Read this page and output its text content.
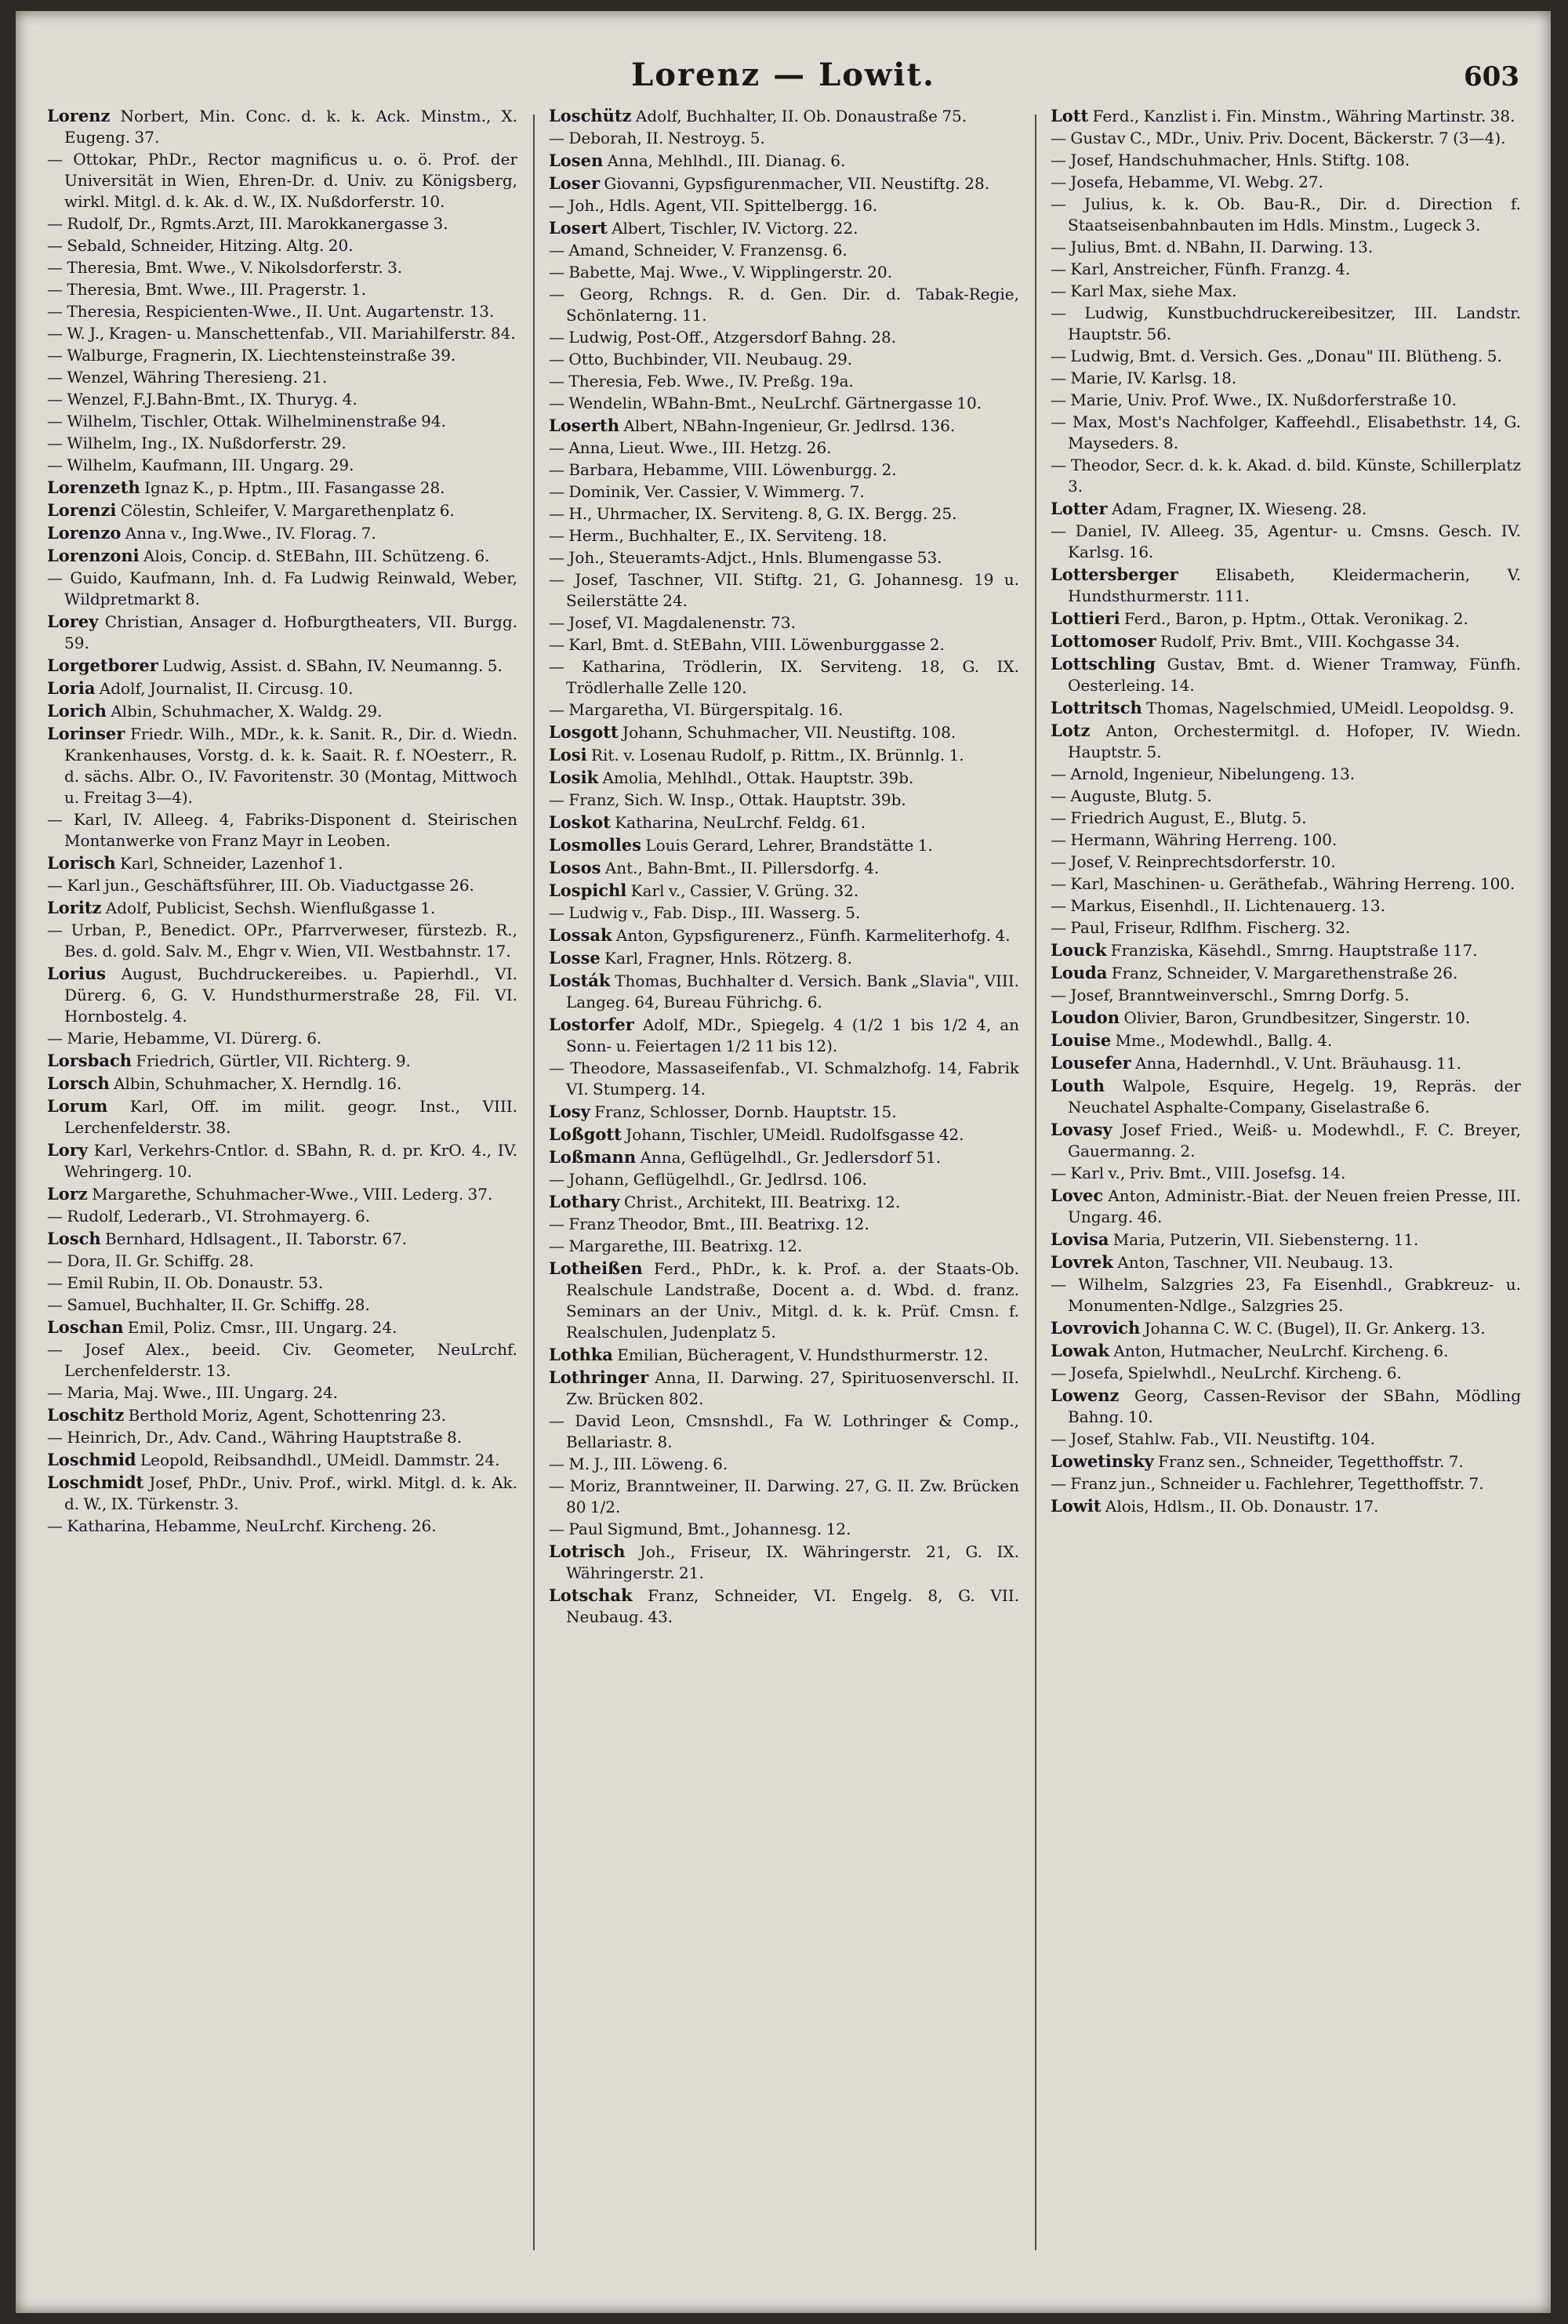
Lorenz — Lowit.	603

Lorenz Norbert, Min. Conc. d. k. k. Ack. Minstm., X. Eugeng. 37.

— Ottokar, PhDr., Rector magnificus u. o. ö. Prof. der Universität in Wien, Ehren-Dr. d. Univ. zu Königsberg, wirkl. Mitgl. d. k. Ak. d. W., IX. Nußdorferstr. 10.

— Rudolf, Dr., Rgmts.Arzt, III. Marokkanergasse 3.

— Sebald, Schneider, Hitzing. Altg. 20.

— Theresia, Bmt. Wwe., V. Nikolsdorferstr. 3.

— Theresia, Bmt. Wwe., III. Pragerstr. 1.

— Theresia, Respicienten-Wwe., II. Unt. Augartenstr. 13.

— W. J., Kragen- u. Manschettenfab., VII. Mariahilferstr. 84.

— Walburge, Fragnerin, IX. Liechtensteinstraße 39.

— Wenzel, Währing Theresieng. 21.

— Wenzel, F.J.Bahn-Bmt., IX. Thuryg. 4.

— Wilhelm, Tischler, Ottak. Wilhelminenstraße 94.

— Wilhelm, Ing., IX. Nußdorferstr. 29.

— Wilhelm, Kaufmann, III. Ungarg. 29.

Lorenzeth Ignaz K., p. Hptm., III. Fasangasse 28.

Lorenzi Cölestin, Schleifer, V. Margarethenplatz 6.

Lorenzo Anna v., Ing.Wwe., IV. Florag. 7.

Lorenzoni Alois, Concip. d. StEBahn, III. Schützeng. 6.

— Guido, Kaufmann, Inh. d. Fa Ludwig Reinwald, Weber, Wildpretmarkt 8.

Lorey Christian, Ansager d. Hofburgtheaters, VII. Burgg. 59.

Lorgetborer Ludwig, Assist. d. SBahn, IV. Neumanng. 5.

Loria Adolf, Journalist, II. Circusg. 10.

Lorich Albin, Schuhmacher, X. Waldg. 29.

Lorinser Friedr. Wilh., MDr., k. k. Sanit. R., Dir. d. Wiedn. Krankenhauses, Vorstg. d. k. k. Saait. R. f. NOesterr., R. d. sächs. Albr. O., IV. Favoritenstr. 30 (Montag, Mittwoch u. Freitag 3—4).

— Karl, IV. Alleeg. 4, Fabriks-Disponent d. Steirischen Montanwerke von Franz Mayr in Leoben.

Lorisch Karl, Schneider, Lazenhof 1.

— Karl jun., Geschäftsführer, III. Ob. Viaductgasse 26.

Loritz Adolf, Publicist, Sechsh. Wienflußgasse 1.

— Urban, P., Benedict. OPr., Pfarrverweser, fürstezb. R., Bes. d. gold. Salv. M., Ehgr v. Wien, VII. Westbahnstr. 17.

Lorius August, Buchdruckereibes. u. Papierhdl., VI. Dürerg. 6, G. V. Hundsthurmerstraße 28, Fil. VI. Hornbostelg. 4.

— Marie, Hebamme, VI. Dürerg. 6.

Lorsbach Friedrich, Gürtler, VII. Richterg. 9.

Lorsch Albin, Schuhmacher, X. Herndlg. 16.

Lorum Karl, Off. im milit. geogr. Inst., VIII. Lerchenfelderstr. 38.

Lory Karl, Verkehrs-Cntlor. d. SBahn, R. d. pr. KrO. 4., IV. Wehringerg. 10.

Lorz Margarethe, Schuhmacher-Wwe., VIII. Lederg. 37.

— Rudolf, Lederarb., VI. Strohmayerg. 6.

Losch Bernhard, Hdlsagent., II. Taborstr. 67.

— Dora, II. Gr. Schiffg. 28.

— Emil Rubin, II. Ob. Donaustr. 53.

— Samuel, Buchhalter, II. Gr. Schiffg. 28.

Loschan Emil, Poliz. Cmsr., III. Ungarg. 24.

— Josef Alex., beeid. Civ. Geometer, NeuLrchf. Lerchenfelderstr. 13.

— Maria, Maj. Wwe., III. Ungarg. 24.

Loschitz Berthold Moriz, Agent, Schottenring 23.

— Heinrich, Dr., Adv. Cand., Währing Hauptstraße 8.

Loschmid Leopold, Reibsandhdl., UMeidl. Dammstr. 24.

Loschmidt Josef, PhDr., Univ. Prof., wirkl. Mitgl. d. k. Ak. d. W., IX. Türkenstr. 3.

— Katharina, Hebamme, NeuLrchf. Kircheng. 26.

Loschütz Adolf, Buchhalter, II. Ob. Donaustraße 75.

— Deborah, II. Nestroyg. 5.

Losen Anna, Mehlhdl., III. Dianag. 6.

Loser Giovanni, Gypsfigurenmacher, VII. Neustiftg. 28.

— Joh., Hdls. Agent, VII. Spittelbergg. 16.

Losert Albert, Tischler, IV. Victorg. 22.

— Amand, Schneider, V. Franzensg. 6.

— Babette, Maj. Wwe., V. Wipplingerstr. 20.

— Georg, Rchngs. R. d. Gen. Dir. d. Tabak-Regie, Schönlaterng. 11.

— Ludwig, Post-Off., Atzgersdorf Bahng. 28.

— Otto, Buchbinder, VII. Neubaug. 29.

— Theresia, Feb. Wwe., IV. Preßg. 19a.

— Wendelin, WBahn-Bmt., NeuLrchf. Gärtnergasse 10.

Loserth Albert, NBahn-Ingenieur, Gr. Jedlrsd. 136.

— Anna, Lieut. Wwe., III. Hetzg. 26.

— Barbara, Hebamme, VIII. Löwenburgg. 2.

— Dominik, Ver. Cassier, V. Wimmerg. 7.

— H., Uhrmacher, IX. Serviteng. 8, G. IX. Bergg. 25.

— Herm., Buchhalter, E., IX. Serviteng. 18.

— Joh., Steueramts-Adjct., Hnls. Blumengasse 53.

— Josef, Taschner, VII. Stiftg. 21, G. Johannesg. 19 u. Seilerstätte 24.

— Josef, VI. Magdalenenstr. 73.

— Karl, Bmt. d. StEBahn, VIII. Löwenburggasse 2.

— Katharina, Trödlerin, IX. Serviteng. 18, G. IX. Trödlerhalle Zelle 120.

— Margaretha, VI. Bürgerspitalg. 16.

Losgott Johann, Schuhmacher, VII. Neustiftg. 108.

Losi Rit. v. Losenau Rudolf, p. Rittm., IX. Brünnlg. 1.

Losik Amolia, Mehlhdl., Ottak. Hauptstr. 39b.

— Franz, Sich. W. Insp., Ottak. Hauptstr. 39b.

Loskot Katharina, NeuLrchf. Feldg. 61.

Losmolles Louis Gerard, Lehrer, Brandstätte 1.

Losos Ant., Bahn-Bmt., II. Pillersdorfg. 4.

Lospichl Karl v., Cassier, V. Grüng. 32.

— Ludwig v., Fab. Disp., III. Wasserg. 5.

Lossak Anton, Gypsfigurenerz., Fünfh. Karmeliterhofg. 4.

Losse Karl, Fragner, Hnls. Rötzerg. 8.

Losták Thomas, Buchhalter d. Versich. Bank „Slavia", VIII. Langeg. 64, Bureau Führichg. 6.

Lostorfer Adolf, MDr., Spiegelg. 4 (1/2 1 bis 1/2 4, an Sonn- u. Feiertagen 1/2 11 bis 12).

— Theodore, Massaseifenfab., VI. Schmalzhofg. 14, Fabrik VI. Stumperg. 14.

Losy Franz, Schlosser, Dornb. Hauptstr. 15.

Loßgott Johann, Tischler, UMeidl. Rudolfsgasse 42.

Loßmann Anna, Geflügelhdl., Gr. Jedlersdorf 51.

— Johann, Geflügelhdl., Gr. Jedlrsd. 106.

Lothary Christ., Architekt, III. Beatrixg. 12.

— Franz Theodor, Bmt., III. Beatrixg. 12.

— Margarethe, III. Beatrixg. 12.

Lotheißen Ferd., PhDr., k. k. Prof. a. der Staats-Ob. Realschule Landstraße, Docent a. d. Wbd. d. franz. Seminars an der Univ., Mitgl. d. k. k. Prüf. Cmsn. f. Realschulen, Judenplatz 5.

Lothka Emilian, Bücheragent, V. Hundsthurmerstr. 12.

Lothringer Anna, II. Darwing. 27, Spirituosenverschl. II. Zw. Brücken 802.

— David Leon, Cmsnshdl., Fa W. Lothringer & Comp., Bellariastr. 8.

— M. J., III. Löweng. 6.

— Moriz, Branntweiner, II. Darwing. 27, G. II. Zw. Brücken 80 1/2.

— Paul Sigmund, Bmt., Johannesg. 12.

Lotrisch Joh., Friseur, IX. Währingerstr. 21, G. IX. Währingerstr. 21.

Lotschak Franz, Schneider, VI. Engelg. 8, G. VII. Neubaug. 43.

Lott Ferd., Kanzlist i. Fin. Minstm., Währing Martinstr. 38.

— Gustav C., MDr., Univ. Priv. Docent, Bäckerstr. 7 (3—4).

— Josef, Handschuhmacher, Hnls. Stiftg. 108.

— Josefa, Hebamme, VI. Webg. 27.

— Julius, k. k. Ob. Bau-R., Dir. d. Direction f. Staatseisenbahnbauten im Hdls. Minstm., Lugeck 3.

— Julius, Bmt. d. NBahn, II. Darwing. 13.

— Karl, Anstreicher, Fünfh. Franzg. 4.

— Karl Max, siehe Max.

— Ludwig, Kunstbuchdruckereibesitzer, III. Landstr. Hauptstr. 56.

— Ludwig, Bmt. d. Versich. Ges. „Donau" III. Blütheng. 5.

— Marie, IV. Karlsg. 18.

— Marie, Univ. Prof. Wwe., IX. Nußdorferstraße 10.

— Max, Most's Nachfolger, Kaffeehdl., Elisabethstr. 14, G. Mayseders. 8.

— Theodor, Secr. d. k. k. Akad. d. bild. Künste, Schillerplatz 3.

Lotter Adam, Fragner, IX. Wieseng. 28.

— Daniel, IV. Alleeg. 35, Agentur- u. Cmsns. Gesch. IV. Karlsg. 16.

Lottersberger Elisabeth, Kleidermacherin, V. Hundsthurmerstr. 111.

Lottieri Ferd., Baron, p. Hptm., Ottak. Veronikag. 2.

Lottomoser Rudolf, Priv. Bmt., VIII. Kochgasse 34.

Lottschling Gustav, Bmt. d. Wiener Tramway, Fünfh. Oesterleing. 14.

Lottritsch Thomas, Nagelschmied, UMeidl. Leopoldsg. 9.

Lotz Anton, Orchestermitgl. d. Hofoper, IV. Wiedn. Hauptstr. 5.

— Arnold, Ingenieur, Nibelungeng. 13.

— Auguste, Blutg. 5.

— Friedrich August, E., Blutg. 5.

— Hermann, Währing Herreng. 100.

— Josef, V. Reinprechtsdorferstr. 10.

— Karl, Maschinen- u. Geräthefab., Währing Herreng. 100.

— Markus, Eisenhdl., II. Lichtenauerg. 13.

— Paul, Friseur, Rdlfhm. Fischerg. 32.

Louck Franziska, Käsehdl., Smrng. Hauptstraße 117.

Louda Franz, Schneider, V. Margarethenstraße 26.

— Josef, Branntweinverschl., Smrng Dorfg. 5.

Loudon Olivier, Baron, Grundbesitzer, Singerstr. 10.

Louise Mme., Modewhdl., Ballg. 4.

Lousefer Anna, Hadernhdl., V. Unt. Bräuhausg. 11.

Louth Walpole, Esquire, Hegelg. 19, Repräs. der Neuchatel Asphalte-Company, Giselastraße 6.

Lovasy Josef Fried., Weiß- u. Modewhdl., F. C. Breyer, Gauermanng. 2.

— Karl v., Priv. Bmt., VIII. Josefsg. 14.

Lovec Anton, Administr.-Biat. der Neuen freien Presse, III. Ungarg. 46.

Lovisa Maria, Putzerin, VII. Siebensterng. 11.

Lovrek Anton, Taschner, VII. Neubaug. 13.

— Wilhelm, Salzgries 23, Fa Eisenhdl., Grabkreuz- u. Monumenten-Ndlge., Salzgries 25.

Lovrovich Johanna C. W. C. (Bugel), II. Gr. Ankerg. 13.

Lowak Anton, Hutmacher, NeuLrchf. Kircheng. 6.

— Josefa, Spielwhdl., NeuLrchf. Kircheng. 6.

Lowenz Georg, Cassen-Revisor der SBahn, Mödling Bahng. 10.

— Josef, Stahlw. Fab., VII. Neustiftg. 104.

Lowetinsky Franz sen., Schneider, Tegetthoffstr. 7.

— Franz jun., Schneider u. Fachlehrer, Tegetthoffstr. 7.

Lowit Alois, Hdlsm., II. Ob. Donaustr. 17.
